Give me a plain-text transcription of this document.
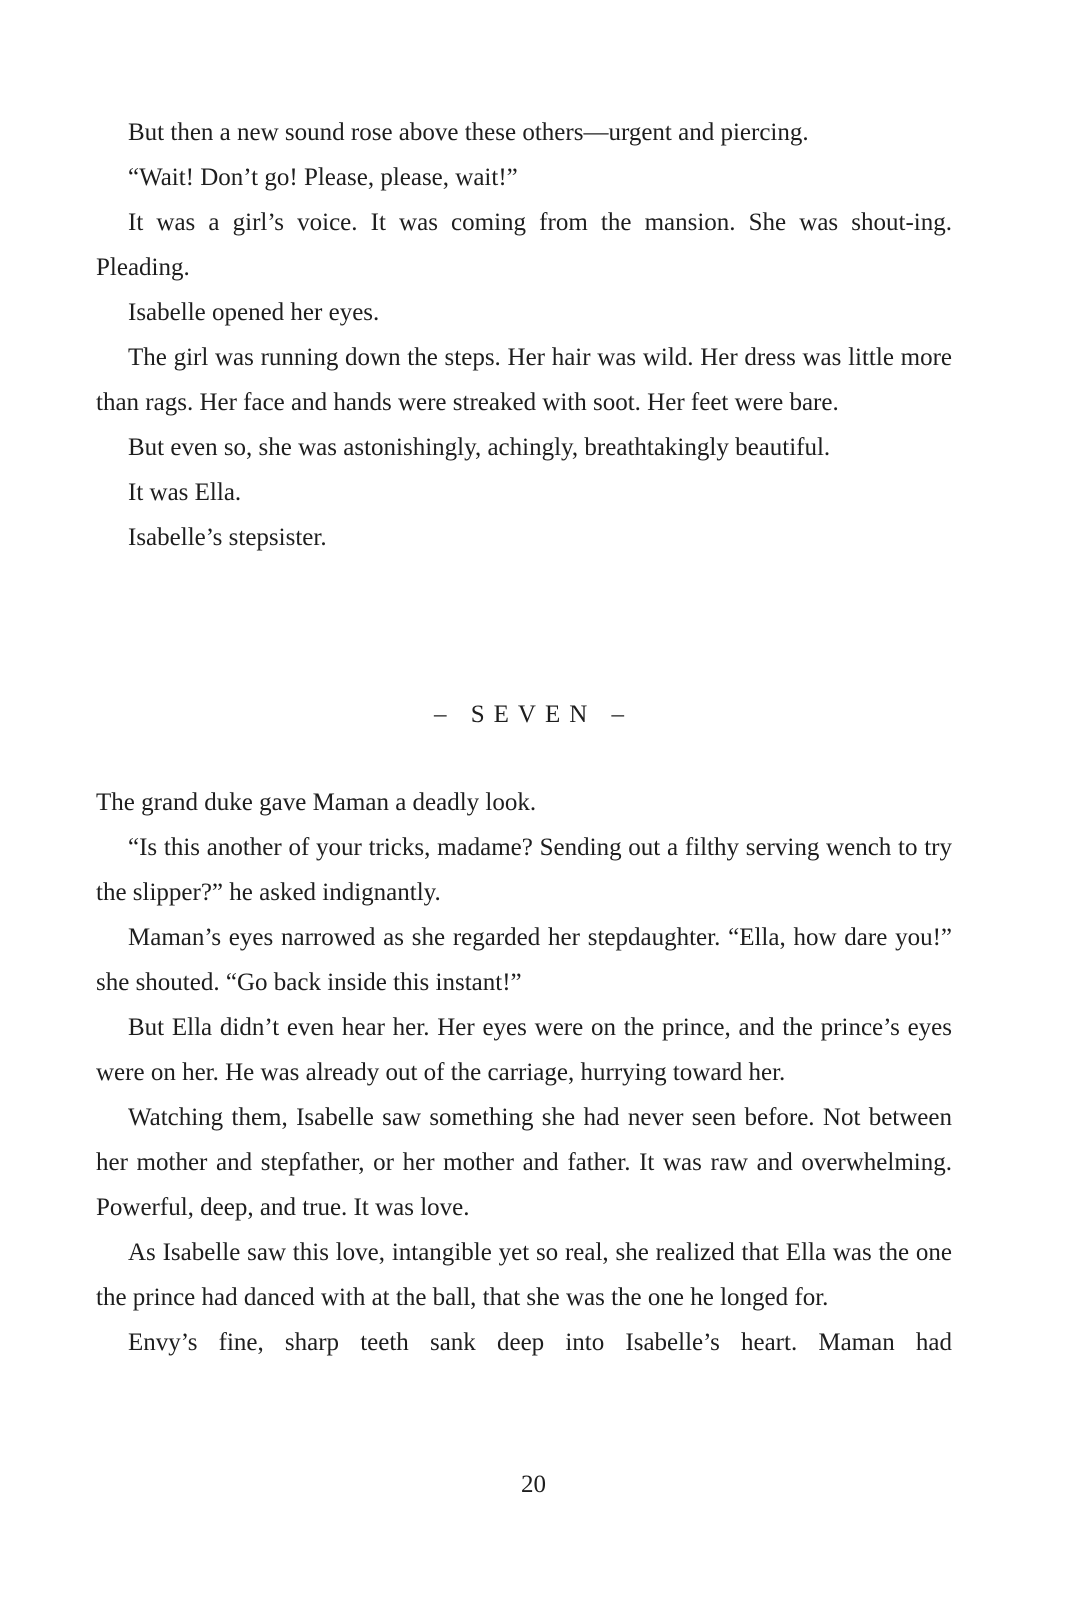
But then a new sound rose above these others—urgent and piercing.

“Wait! Don’t go! Please, please, wait!”

It was a girl’s voice. It was coming from the mansion. She was shout-ing. Pleading.

Isabelle opened her eyes.

The girl was running down the steps. Her hair was wild. Her dress was little more than rags. Her face and hands were streaked with soot. Her feet were bare.

But even so, she was astonishingly, achingly, breathtakingly beautiful.

It was Ella.

Isabelle’s stepsister.

– SEVEN –

The grand duke gave Maman a deadly look.

“Is this another of your tricks, madame? Sending out a filthy serving wench to try the slipper?” he asked indignantly.

Maman’s eyes narrowed as she regarded her stepdaughter. “Ella, how dare you!” she shouted. “Go back inside this instant!”

But Ella didn’t even hear her. Her eyes were on the prince, and the prince’s eyes were on her. He was already out of the carriage, hurrying toward her.

Watching them, Isabelle saw something she had never seen before. Not between her mother and stepfather, or her mother and father. It was raw and overwhelming. Powerful, deep, and true. It was love.

As Isabelle saw this love, intangible yet so real, she realized that Ella was the one the prince had danced with at the ball, that she was the one he longed for.

Envy’s fine, sharp teeth sank deep into Isabelle’s heart. Maman had

20
